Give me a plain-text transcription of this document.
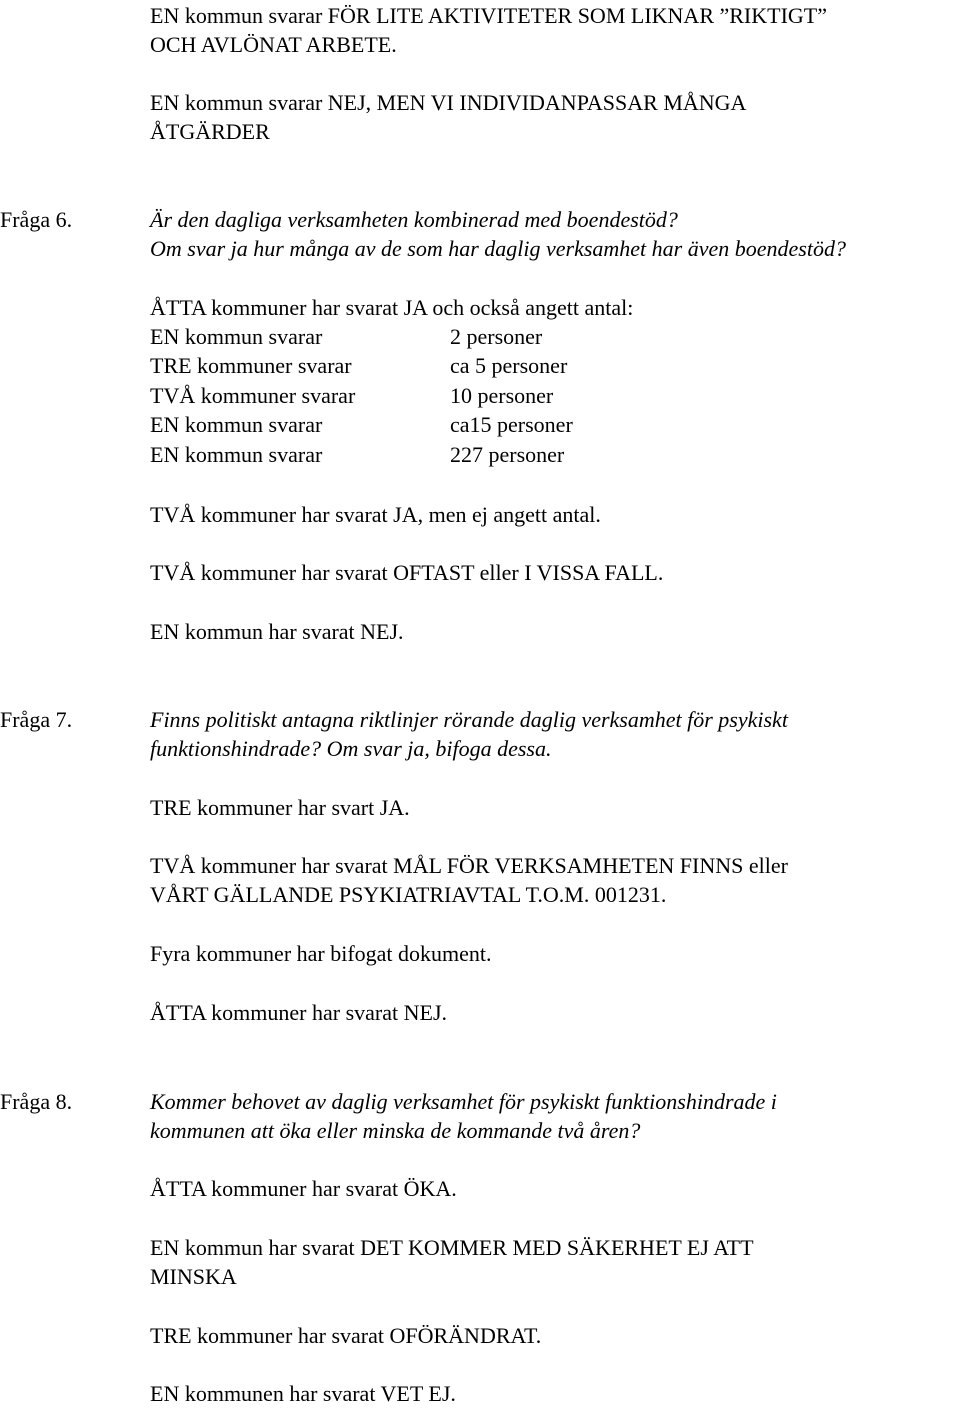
EN kommun svarar FÖR LITE AKTIVITETER SOM LIKNAR ”RIKTIGT”
OCH AVLÖNAT ARBETE.
EN kommun svarar NEJ, MEN VI INDIVIDANPASSAR MÅNGA
ÅTGÄRDER
Fråga 6.	Är den dagliga verksamheten kombinerad med boendestöd?
Om svar ja hur många av de som har daglig verksamhet har även boendestöd?
ÅTTA kommuner har svarat JA och också angett antal:
EN kommun svarar	2 personer
TRE kommuner svarar	ca 5 personer
TVÅ kommuner svarar	10 personer
EN kommun svarar	ca15 personer
EN kommun svarar	227 personer
TVÅ kommuner har svarat JA, men ej angett antal.
TVÅ kommuner har svarat OFTAST eller I VISSA FALL.
EN kommun har svarat NEJ.
Fråga 7.	Finns politiskt antagna riktlinjer rörande daglig verksamhet för psykiskt
funktionshindrade? Om svar ja, bifoga dessa.
TRE kommuner har svart JA.
TVÅ kommuner har svarat MÅL FÖR VERKSAMHETEN FINNS eller
VÅRT GÄLLANDE PSYKIATRIAVTAL T.O.M. 001231.
Fyra kommuner har bifogat dokument.
ÅTTA kommuner har svarat NEJ.
Fråga 8.	Kommer behovet av daglig verksamhet för psykiskt funktionshindrade i
kommunen att öka eller minska de kommande två åren?
ÅTTA kommuner har svarat ÖKA.
EN kommun har svarat DET KOMMER MED SÄKERHET EJ ATT
MINSKA
TRE kommuner har svarat OFÖRÄNDRAT.
EN kommunen har svarat VET EJ.
